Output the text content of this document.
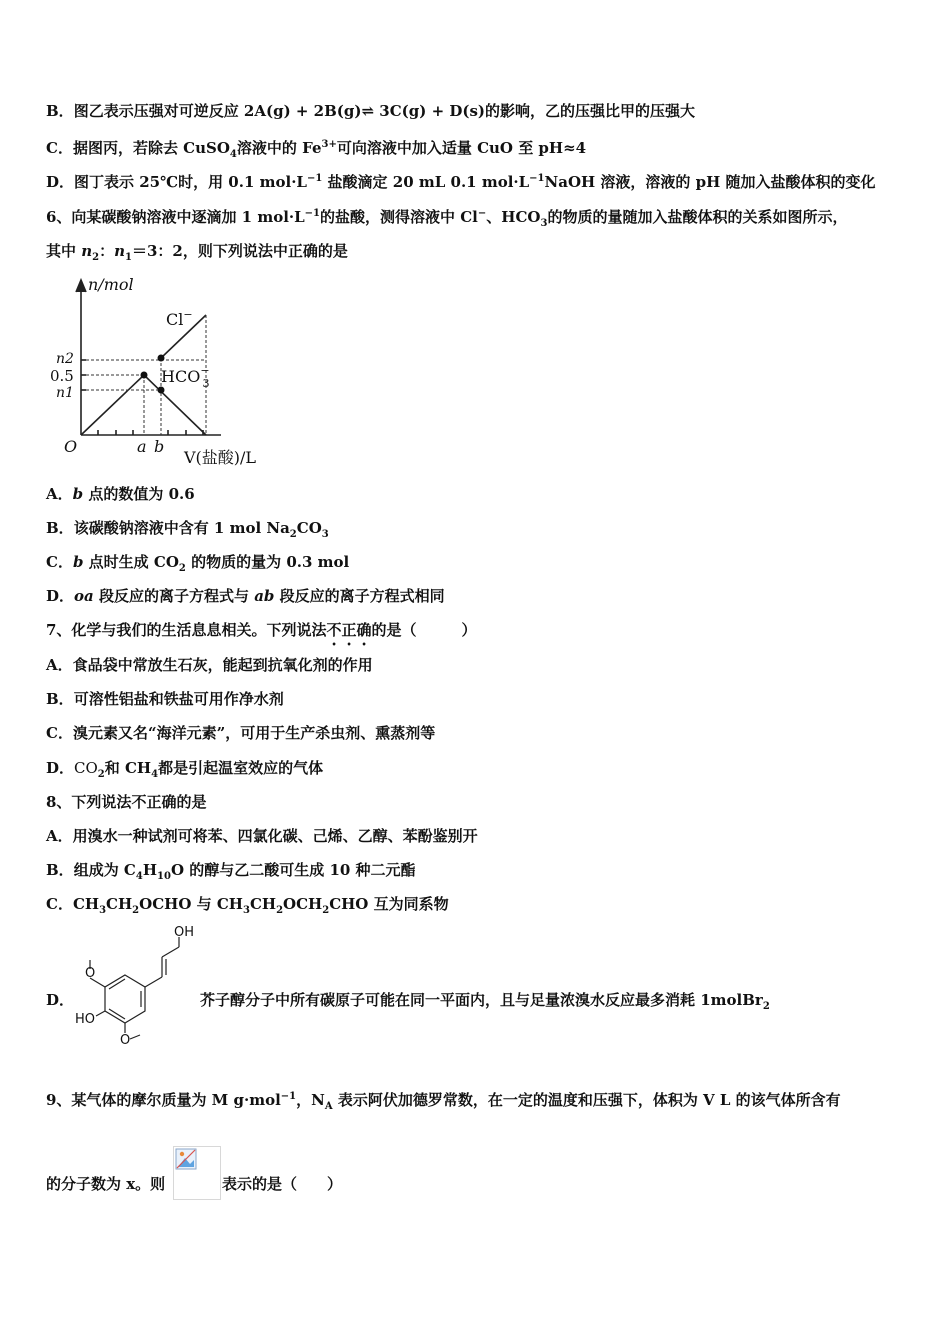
B．图乙表示压强对可逆反应 2A(g) + 2B(g)⇌ 3C(g) + D(s)的影响，乙的压强比甲的压强大
C．据图丙，若除去 CuSO$_4$溶液中的 $Fe^{3+}$可向溶液中加入适量 CuO 至 pH≈4
D．图丁表示 25℃时，用 0.1 $mol\cdot L^{-1}$ 盐酸滴定 20 mL 0.1 $mol\cdot L^{-1}NaOH$ 溶液，溶液的 pH 随加入盐酸体积的变化
6、向某碳酸钠溶液中逐滴加 1 $mol\cdot L^{-1}$的盐酸，测得溶液中 Cl−、$HCO_3$的物质的量随加入盐酸体积的关系如图所示，
其中 $n_2$：$n_1=3$：2，则下列说法中正确的是
n/mol
O
n2
0.5
n1
a b
V(盐酸)/L
Cl−
HCO− 3
A．b 点的数值为 0.6
B．该碳酸钠溶液中含有 1 mol $Na_2CO_3$
C．b 点时生成 $CO_2$ 的物质的量为 0.3 mol
D．oa 段反应的离子方程式与 ab 段反应的离子方程式相同
7、化学与我们的生活息息相关。下列说法不正确的是（　　　）
A．食品袋中常放生石灰，能起到抗氧化剂的作用
B．可溶性铝盐和铁盐可用作净水剂
C．溴元素又名“海洋元素”，可用于生产杀虫剂、熏蒸剂等
D．$CO_2$和 $CH_4$都是引起温室效应的气体
8、下列说法不正确的是
A．用溴水一种试剂可将苯、四氯化碳、己烯、乙醇、苯酚鉴别开
B．组成为 $C_4H_{10}O$ 的醇与乙二酸可生成 10 种二元酯
C．$CH_3CH_2OCHO$ 与 $CH_3CH_2OCH_2CHO$ 互为同系物
D．
OH
O
HO
O
芥子醇分子中所有碳原子可能在同一平面内，且与足量浓溴水反应最多消耗 1molBr$_2$
9、某气体的摩尔质量为 M g·mol$^{-1}$，$N_A$ 表示阿伏加德罗常数，在一定的温度和压强下，体积为 V L 的该气体所含有
的分子数为 x。则	表示的是（　　）
